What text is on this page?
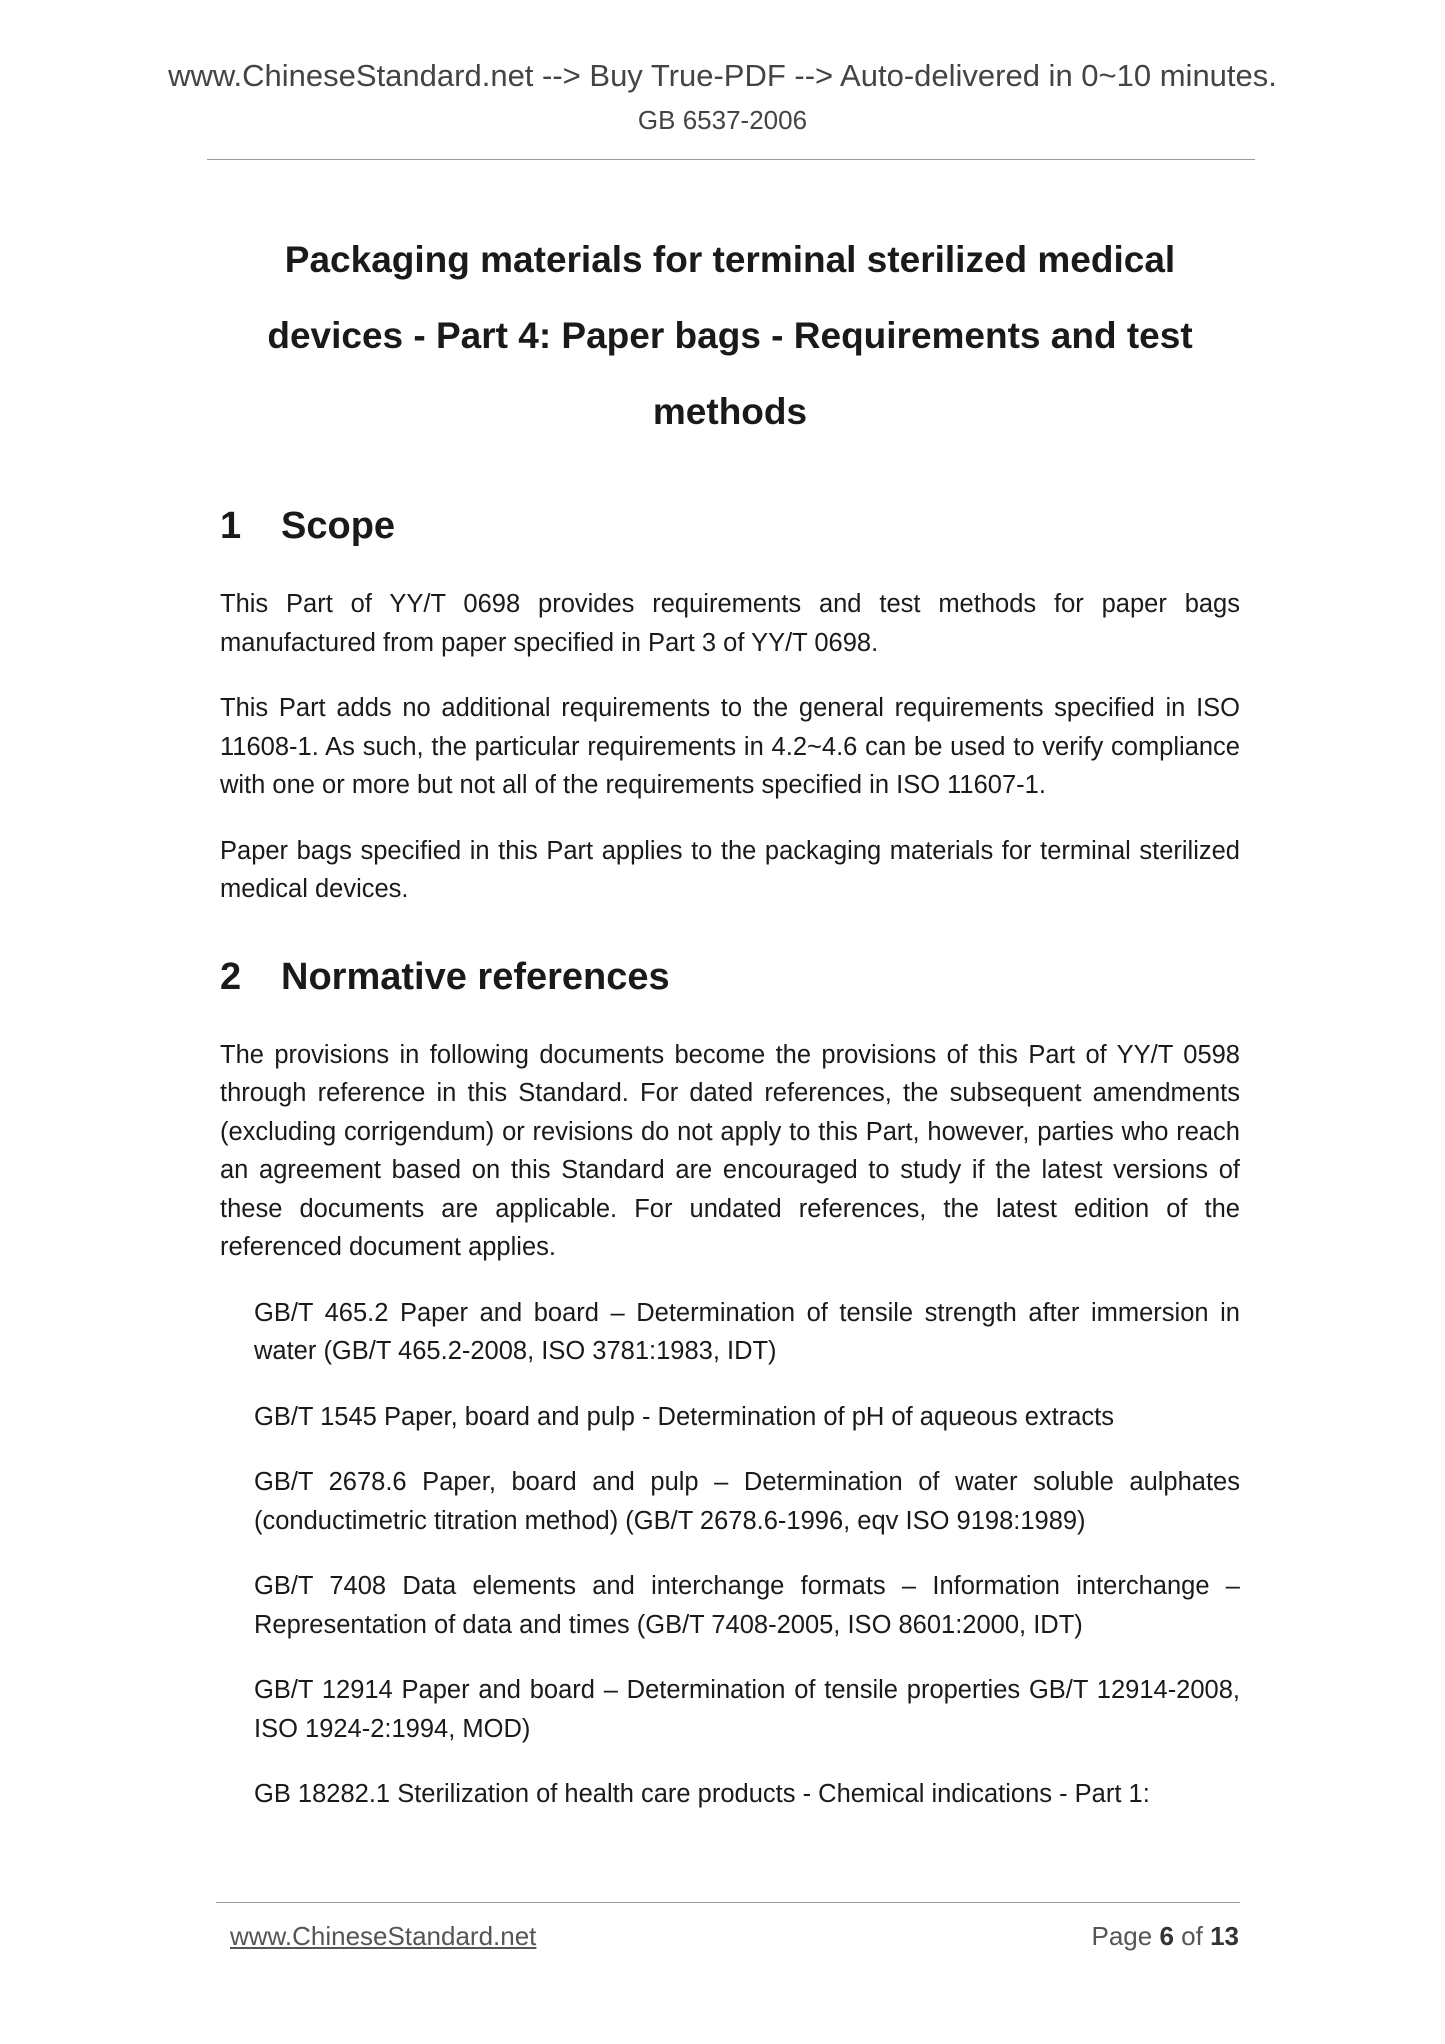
www.ChineseStandard.net --> Buy True-PDF --> Auto-delivered in 0~10 minutes.
GB 6537-2006
Packaging materials for terminal sterilized medical
devices - Part 4: Paper bags - Requirements and test
methods
1	Scope

This Part of YY/T 0698 provides requirements and test methods for paper bags manufactured from paper specified in Part 3 of YY/T 0698.

This Part adds no additional requirements to the general requirements specified in ISO 11608-1. As such, the particular requirements in 4.2~4.6 can be used to verify compliance with one or more but not all of the requirements specified in ISO 11607-1.

Paper bags specified in this Part applies to the packaging materials for terminal sterilized medical devices.

2	Normative references

The provisions in following documents become the provisions of this Part of YY/T 0598 through reference in this Standard. For dated references, the subsequent amendments (excluding corrigendum) or revisions do not apply to this Part, however, parties who reach an agreement based on this Standard are encouraged to study if the latest versions of these documents are applicable. For undated references, the latest edition of the referenced document applies.

GB/T 465.2 Paper and board – Determination of tensile strength after immersion in water (GB/T 465.2-2008, ISO 3781:1983, IDT)

GB/T 1545 Paper, board and pulp - Determination of pH of aqueous extracts

GB/T 2678.6 Paper, board and pulp – Determination of water soluble aulphates (conductimetric titration method) (GB/T 2678.6-1996, eqv ISO 9198:1989)

GB/T 7408 Data elements and interchange formats – Information interchange – Representation of data and times (GB/T 7408-2005, ISO 8601:2000, IDT)

GB/T 12914 Paper and board – Determination of tensile properties GB/T 12914-2008, ISO 1924-2:1994, MOD)

GB 18282.1 Sterilization of health care products - Chemical indications - Part 1:

www.ChineseStandard.net	Page 6 of 13
